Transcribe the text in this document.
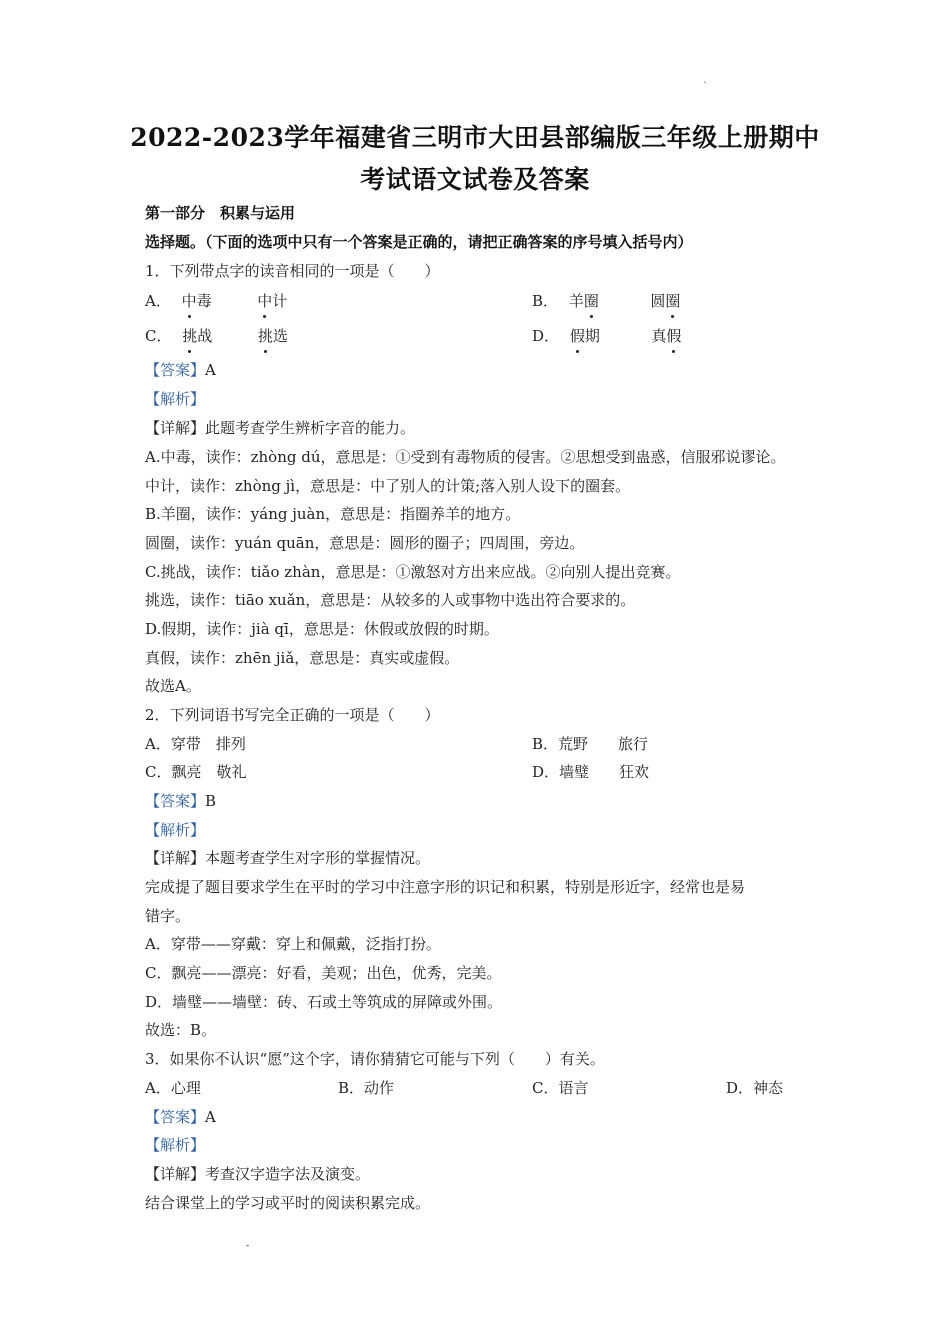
ˋ
2022-2023学年福建省三明市大田县部编版三年级上册期中
考试语文试卷及答案
第一部分　积累与运用
选择题。（下面的选项中只有一个答案是正确的，请把正确答案的序号填入括号内）
1．下列带点字的读音相同的一项是（　　）
A． 中毒	中计	B． 羊圈	圆圈
C． 挑战	挑选	D． 假期	真假
【答案】A
【解析】
【详解】此题考查学生辨析字音的能力。
A.中毒，读作：zhòng dú，意思是：①受到有毒物质的侵害。②思想受到蛊惑，信服邪说谬论。
中计，读作：zhòng jì，意思是：中了别人的计策;落入别人设下的圈套。
B.羊圈，读作：yáng juàn，意思是：指圈养羊的地方。
圆圈，读作：yuán quān，意思是：圆形的圈子；四周围，旁边。
C.挑战，读作：tiǎo zhàn，意思是：①激怒对方出来应战。②向别人提出竞赛。
挑选，读作：tiāo xuǎn，意思是：从较多的人或事物中选出符合要求的。
D.假期，读作：jià qī，意思是：休假或放假的时期。
真假，读作：zhēn jiǎ，意思是：真实或虚假。
故选A。
2．下列词语书写完全正确的一项是（　　）
A．穿带　排列	B．荒野　　旅行
C．飘亮　敬礼	D．墙璧　　狂欢
【答案】B
【解析】
【详解】本题考查学生对字形的掌握情况。
完成提了题目要求学生在平时的学习中注意字形的识记和积累，特别是形近字，经常也是易
错字。
A．穿带——穿戴：穿上和佩戴，泛指打扮。
C．飘亮——漂亮：好看，美观；出色，优秀，完美。
D．墙璧——墙壁：砖、石或土等筑成的屏障或外围。
故选：B。
3．如果你不认识“愿”这个字，请你猜猜它可能与下列（　　）有关。
A．心理	B．动作	C．语言	D．神态
【答案】A
【解析】
【详解】考查汉字造字法及演变。
结合课堂上的学习或平时的阅读积累完成。
ˉ
